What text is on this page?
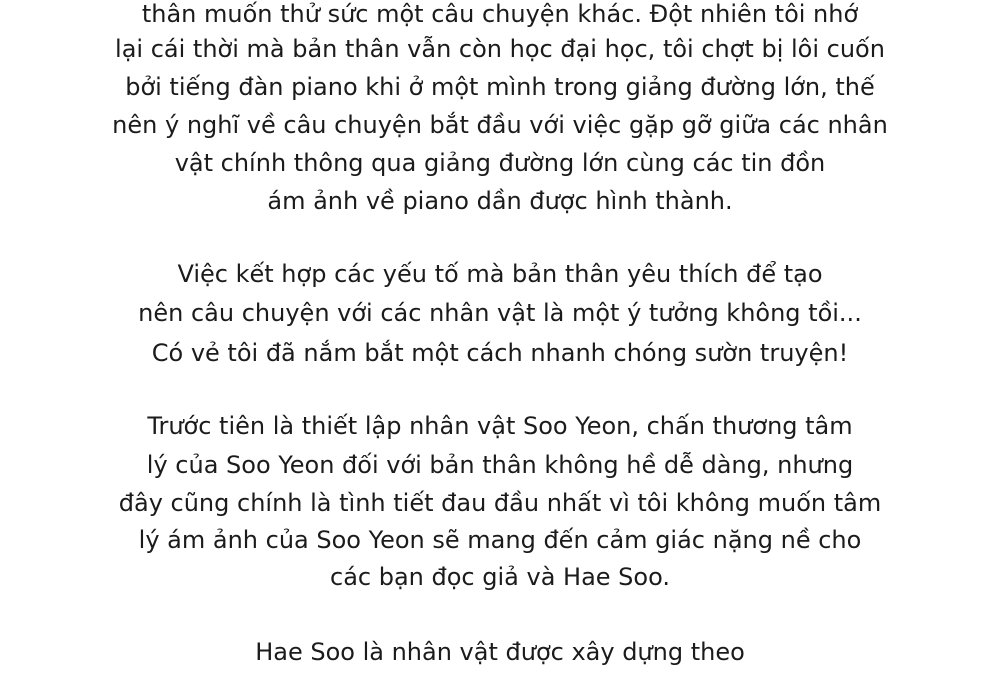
thân muốn thử sức một câu chuyện khác. Đột nhiên tôi nhớ
lại cái thời mà bản thân vẫn còn học đại học, tôi chợt bị lôi cuốn
bởi tiếng đàn piano khi ở một mình trong giảng đường lớn, thế
nên ý nghĩ về câu chuyện bắt đầu với việc gặp gỡ giữa các nhân
vật chính thông qua giảng đường lớn cùng các tin đồn
ám ảnh về piano dần được hình thành.
Việc kết hợp các yếu tố mà bản thân yêu thích để tạo
nên câu chuyện với các nhân vật là một ý tưởng không tồi...
Có vẻ tôi đã nắm bắt một cách nhanh chóng sườn truyện!
Trước tiên là thiết lập nhân vật Soo Yeon, chấn thương tâm
lý của Soo Yeon đối với bản thân không hề dễ dàng, nhưng
đây cũng chính là tình tiết đau đầu nhất vì tôi không muốn tâm
lý ám ảnh của Soo Yeon sẽ mang đến cảm giác nặng nề cho
các bạn đọc giả và Hae Soo.
Hae Soo là nhân vật được xây dựng theo
